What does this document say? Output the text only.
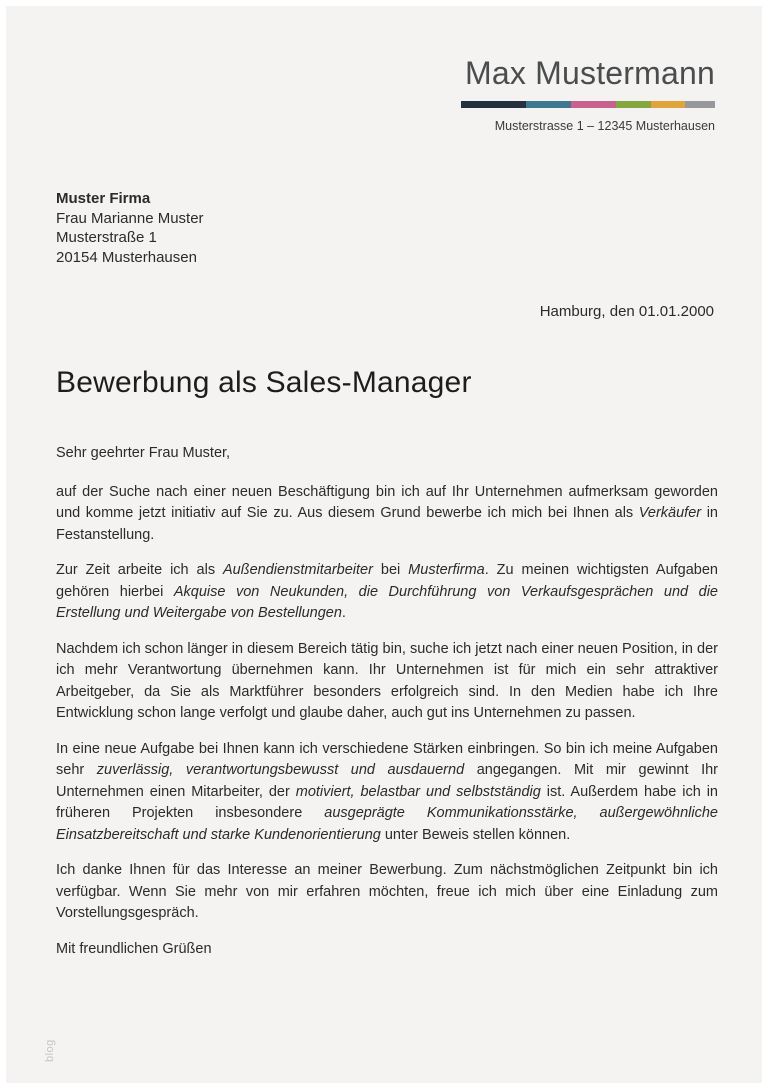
Max Mustermann
Musterstrasse 1 – 12345 Musterhausen
Muster Firma
Frau Marianne Muster
Musterstraße 1
20154 Musterhausen
Hamburg, den 01.01.2000
Bewerbung als Sales-Manager

Sehr geehrter Frau Muster,

auf der Suche nach einer neuen Beschäftigung bin ich auf Ihr Unternehmen aufmerksam geworden und komme jetzt initiativ auf Sie zu. Aus diesem Grund bewerbe ich mich bei Ihnen als Verkäufer in Festanstellung.

Zur Zeit arbeite ich als Außendienstmitarbeiter bei Musterfirma. Zu meinen wichtigsten Aufgaben gehören hierbei Akquise von Neukunden, die Durchführung von Verkaufsgesprächen und die Erstellung und Weitergabe von Bestellungen.

Nachdem ich schon länger in diesem Bereich tätig bin, suche ich jetzt nach einer neuen Position, in der ich mehr Verantwortung übernehmen kann. Ihr Unternehmen ist für mich ein sehr attraktiver Arbeitgeber, da Sie als Marktführer besonders erfolgreich sind. In den Medien habe ich Ihre Entwicklung schon lange verfolgt und glaube daher, auch gut ins Unternehmen zu passen.

In eine neue Aufgabe bei Ihnen kann ich verschiedene Stärken einbringen. So bin ich meine Aufgaben sehr zuverlässig, verantwortungsbewusst und ausdauernd angegangen. Mit mir gewinnt Ihr Unternehmen einen Mitarbeiter, der motiviert, belastbar und selbstständig ist. Außerdem habe ich in früheren Projekten insbesondere ausgeprägte Kommunikationsstärke, außergewöhnliche Einsatzbereitschaft und starke Kundenorientierung unter Beweis stellen können.

Ich danke Ihnen für das Interesse an meiner Bewerbung. Zum nächstmöglichen Zeitpunkt bin ich verfügbar. Wenn Sie mehr von mir erfahren möchten, freue ich mich über eine Einladung zum Vorstellungsgespräch.

Mit freundlichen Grüßen

blog
